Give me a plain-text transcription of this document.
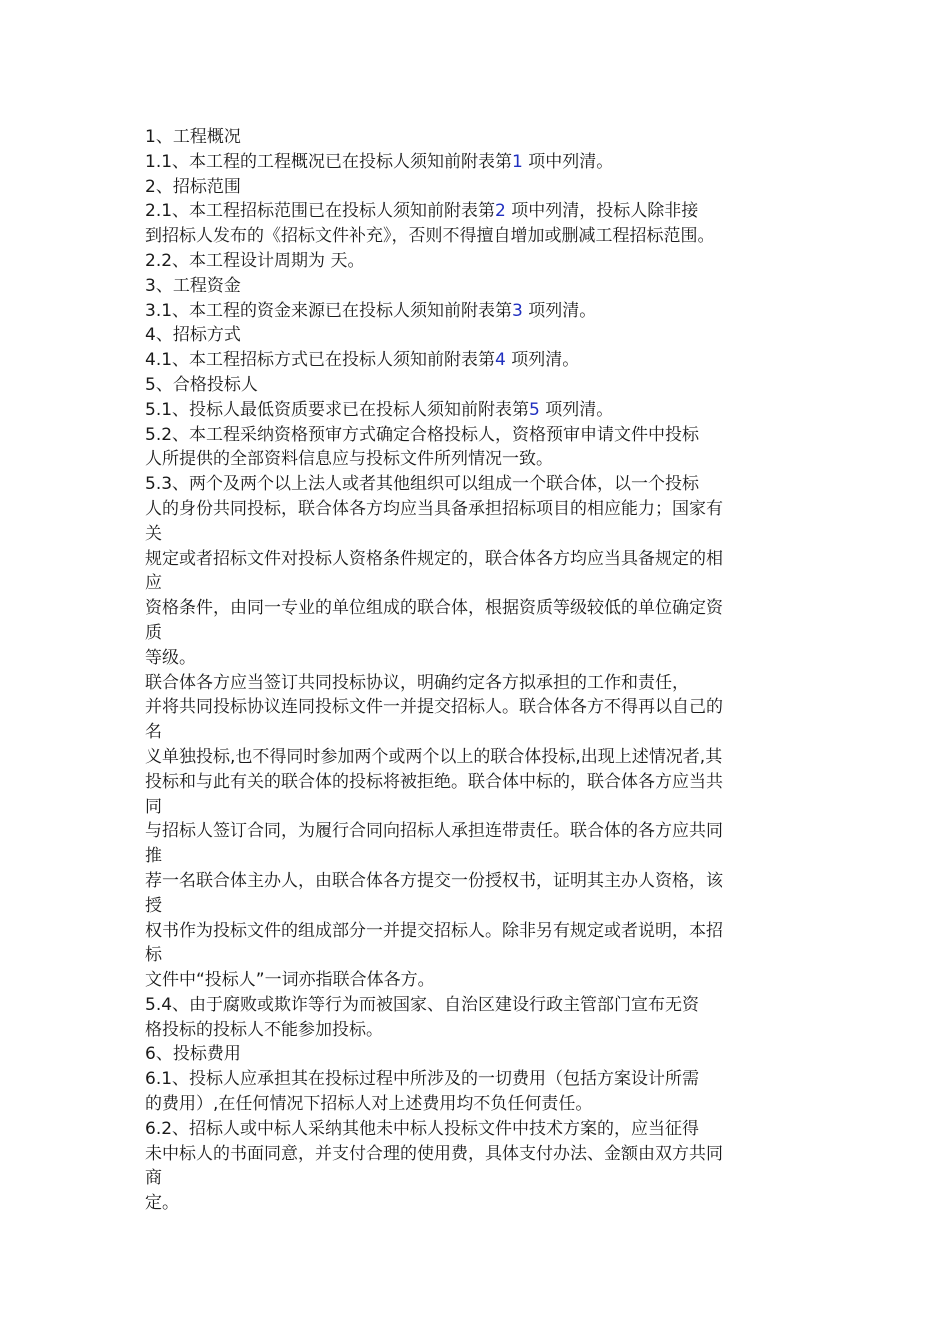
1、工程概况
1.1、本工程的工程概况已在投标人须知前附表第1 项中列清。
2、招标范围
2.1、本工程招标范围已在投标人须知前附表第2 项中列清，投标人除非接
到招标人发布的《招标文件补充》，否则不得擅自增加或删减工程招标范围。
2.2、本工程设计周期为 天。
3、工程资金
3.1、本工程的资金来源已在投标人须知前附表第3 项列清。
4、招标方式
4.1、本工程招标方式已在投标人须知前附表第4 项列清。
5、合格投标人
5.1、投标人最低资质要求已在投标人须知前附表第5 项列清。
5.2、本工程采纳资格预审方式确定合格投标人，资格预审申请文件中投标
人所提供的全部资料信息应与投标文件所列情况一致。
5.3、两个及两个以上法人或者其他组织可以组成一个联合体，以一个投标
人的身份共同投标，联合体各方均应当具备承担招标项目的相应能力；国家有
关
规定或者招标文件对投标人资格条件规定的，联合体各方均应当具备规定的相
应
资格条件，由同一专业的单位组成的联合体，根据资质等级较低的单位确定资
质
等级。
联合体各方应当签订共同投标协议，明确约定各方拟承担的工作和责任，
并将共同投标协议连同投标文件一并提交招标人。联合体各方不得再以自己的
名
义单独投标,也不得同时参加两个或两个以上的联合体投标,出现上述情况者,其
投标和与此有关的联合体的投标将被拒绝。联合体中标的，联合体各方应当共
同
与招标人签订合同，为履行合同向招标人承担连带责任。联合体的各方应共同
推
荐一名联合体主办人，由联合体各方提交一份授权书，证明其主办人资格，该
授
权书作为投标文件的组成部分一并提交招标人。除非另有规定或者说明，本招
标
文件中“投标人”一词亦指联合体各方。
5.4、由于腐败或欺诈等行为而被国家、自治区建设行政主管部门宣布无资
格投标的投标人不能参加投标。
6、投标费用
6.1、投标人应承担其在投标过程中所涉及的一切费用（包括方案设计所需
的费用）,在任何情况下招标人对上述费用均不负任何责任。
6.2、招标人或中标人采纳其他未中标人投标文件中技术方案的，应当征得
未中标人的书面同意，并支付合理的使用费，具体支付办法、金额由双方共同
商
定。
